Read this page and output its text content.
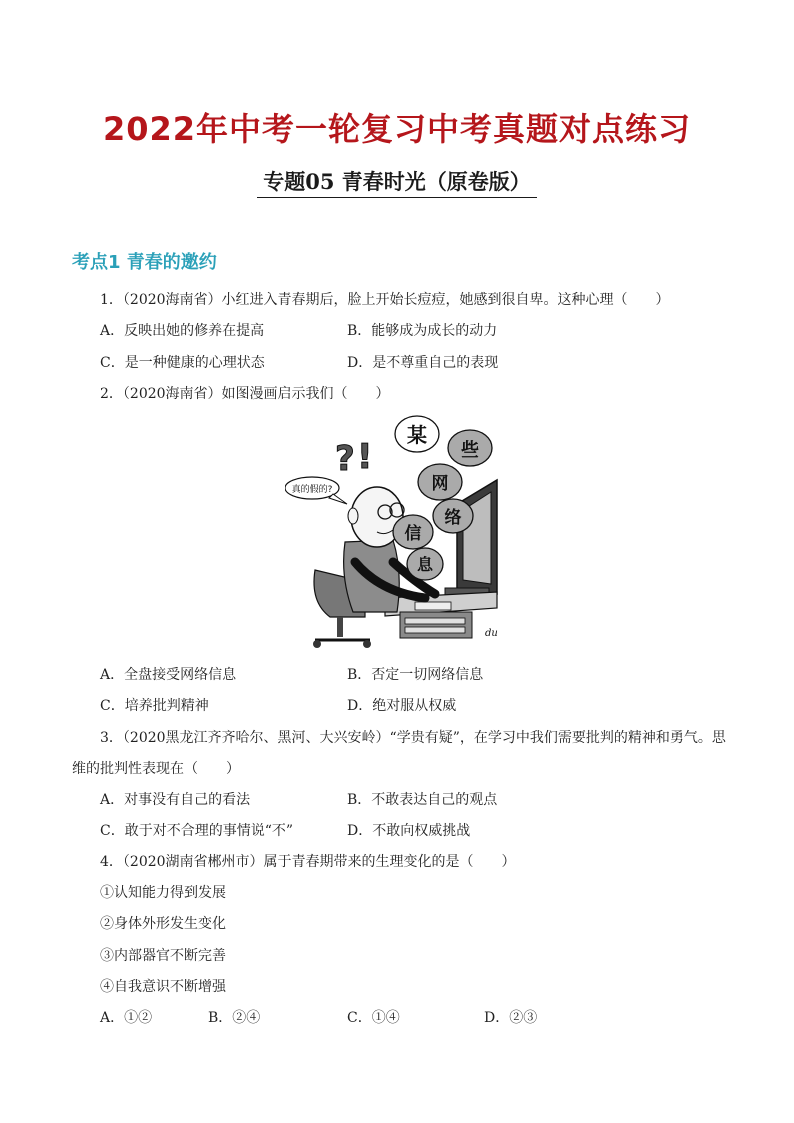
2022年中考一轮复习中考真题对点练习
专题05 青春时光（原卷版）
考点1 青春的邀约
1．（2020海南省）小红进入青春期后，脸上开始长痘痘，她感到很自卑。这种心理（　　）
A．反映出她的修养在提高	B．能够成为成长的动力
C．是一种健康的心理状态	D．是不尊重自己的表现
2．（2020海南省）如图漫画启示我们（　　）
? !
真的假的?
某
些
网
络
信
息
du
A．全盘接受网络信息	B．否定一切网络信息
C．培养批判精神	D．绝对服从权威
3．（2020黑龙江齐齐哈尔、黑河、大兴安岭）“学贵有疑”，在学习中我们需要批判的精神和勇气。思
维的批判性表现在（　　）
A．对事没有自己的看法	B．不敢表达自己的观点
C．敢于对不合理的事情说“不”	D．不敢向权威挑战
4．（2020湖南省郴州市）属于青春期带来的生理变化的是（　　）
①认知能力得到发展
②身体外形发生变化
③内部器官不断完善
④自我意识不断增强
A．①②	B．②④	C．①④	D．②③
